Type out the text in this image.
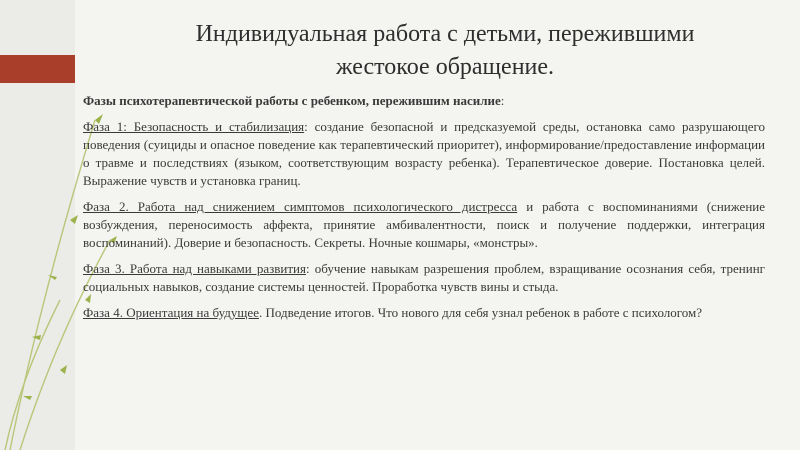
Индивидуальная работа с детьми, пережившими
жестокое обращение.
Фазы психотерапевтической работы с ребенком, пережившим насилие:

Фаза 1: Безопасность и стабилизация: создание безопасной и предсказуемой среды, остановка само разрушающего поведения (суициды и опасное поведение как терапевтический приоритет), информирование/предоставление информации о травме и последствиях (языком, соответствующим возрасту ребенка). Терапевтическое доверие. Постановка целей. Выражение чувств и установка границ.

Фаза 2. Работа над снижением симптомов психологического дистресса и работа с воспоминаниями (снижение возбуждения, переносимость аффекта, принятие амбивалентности, поиск и получение поддержки, интеграция воспоминаний). Доверие и безопасность. Секреты. Ночные кошмары, «монстры».

Фаза 3. Работа над навыками развития: обучение навыкам разрешения проблем, взращивание осознания себя, тренинг социальных навыков, создание системы ценностей. Проработка чувств вины и стыда.

Фаза 4. Ориентация на будущее. Подведение итогов. Что нового для себя узнал ребенок в работе с психологом?
